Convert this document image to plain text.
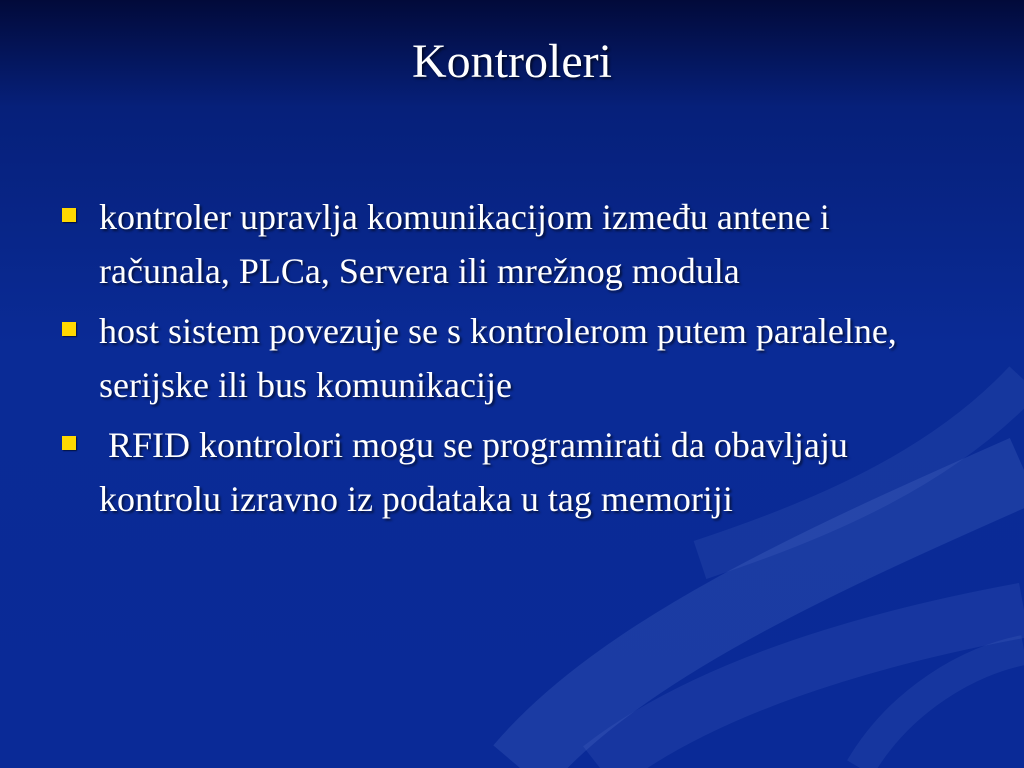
Kontroleri
kontroler upravlja komunikacijom između antene i računala, PLCa, Servera ili mrežnog modula
host sistem povezuje se s kontrolerom putem paralelne, serijske ili bus komunikacije
RFID kontrolori mogu se programirati da obavljaju kontrolu izravno iz podataka u tag memoriji
